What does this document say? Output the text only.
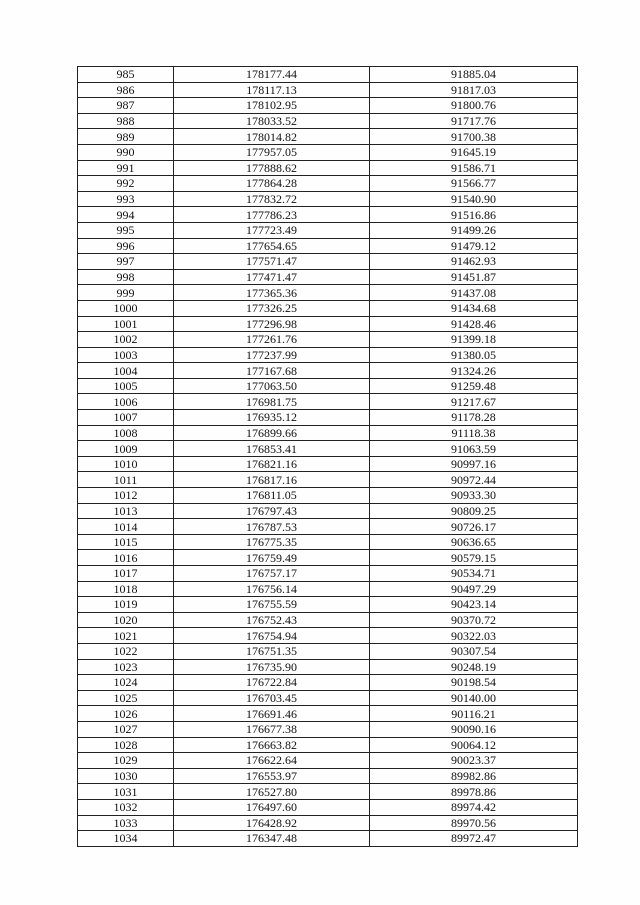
985	178177.44	91885.04
986	178117.13	91817.03
987	178102.95	91800.76
988	178033.52	91717.76
989	178014.82	91700.38
990	177957.05	91645.19
991	177888.62	91586.71
992	177864.28	91566.77
993	177832.72	91540.90
994	177786.23	91516.86
995	177723.49	91499.26
996	177654.65	91479.12
997	177571.47	91462.93
998	177471.47	91451.87
999	177365.36	91437.08
1000	177326.25	91434.68
1001	177296.98	91428.46
1002	177261.76	91399.18
1003	177237.99	91380.05
1004	177167.68	91324.26
1005	177063.50	91259.48
1006	176981.75	91217.67
1007	176935.12	91178.28
1008	176899.66	91118.38
1009	176853.41	91063.59
1010	176821.16	90997.16
1011	176817.16	90972.44
1012	176811.05	90933.30
1013	176797.43	90809.25
1014	176787.53	90726.17
1015	176775.35	90636.65
1016	176759.49	90579.15
1017	176757.17	90534.71
1018	176756.14	90497.29
1019	176755.59	90423.14
1020	176752.43	90370.72
1021	176754.94	90322.03
1022	176751.35	90307.54
1023	176735.90	90248.19
1024	176722.84	90198.54
1025	176703.45	90140.00
1026	176691.46	90116.21
1027	176677.38	90090.16
1028	176663.82	90064.12
1029	176622.64	90023.37
1030	176553.97	89982.86
1031	176527.80	89978.86
1032	176497.60	89974.42
1033	176428.92	89970.56
1034	176347.48	89972.47
